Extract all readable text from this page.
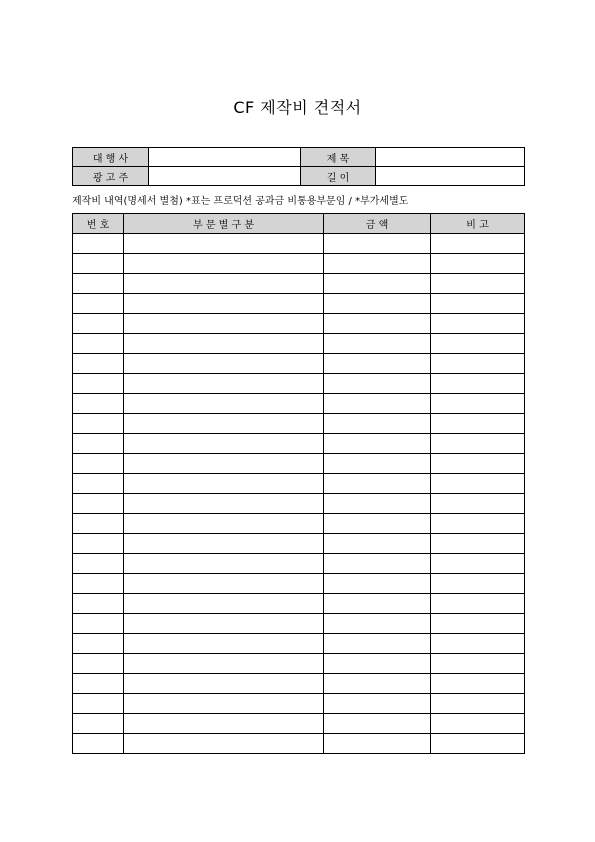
CF 제작비 견적서
대 행 사		제 목	
광 고 주		길 이	
제작비 내역(명세서 별첨) *표는 프로덕션 공과금 비통용부문임 / *부가세별도
번 호	부 문 별 구 분	금 액	비 고
